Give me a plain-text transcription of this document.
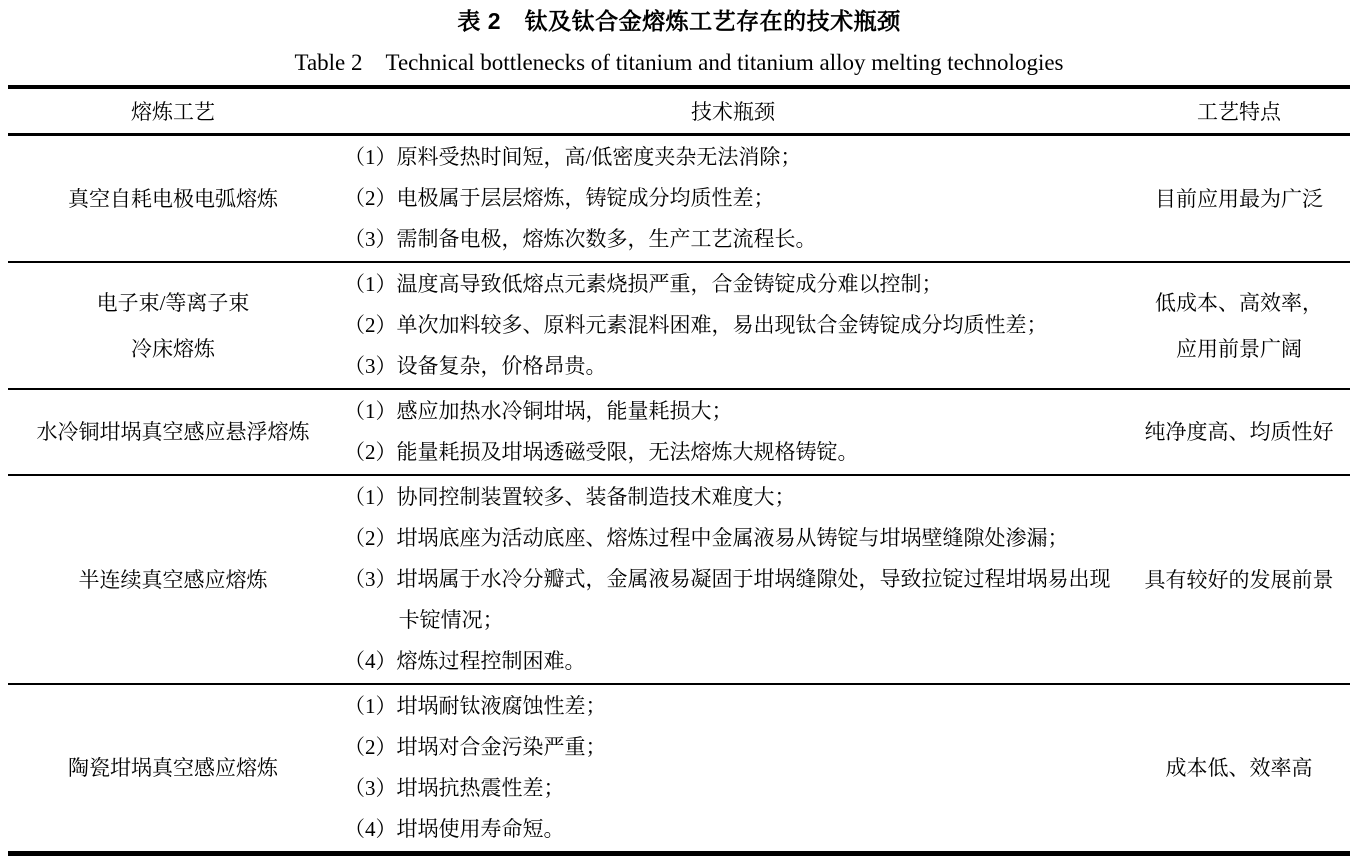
表 2　钛及钛合金熔炼工艺存在的技术瓶颈
Table 2　Technical bottlenecks of titanium and titanium alloy melting technologies
熔炼工艺	技术瓶颈	工艺特点
真空自耗电极电弧熔炼
（1）原料受热时间短，高/低密度夹杂无法消除；
（2）电极属于层层熔炼，铸锭成分均质性差；
（3）需制备电极，熔炼次数多，生产工艺流程长。
目前应用最为广泛
电子束/等离子束
冷床熔炼
（1）温度高导致低熔点元素烧损严重，合金铸锭成分难以控制；
（2）单次加料较多、原料元素混料困难，易出现钛合金铸锭成分均质性差；
（3）设备复杂，价格昂贵。
低成本、高效率，
应用前景广阔
水冷铜坩埚真空感应悬浮熔炼
（1）感应加热水冷铜坩埚，能量耗损大；
（2）能量耗损及坩埚透磁受限，无法熔炼大规格铸锭。
纯净度高、均质性好
半连续真空感应熔炼
（1）协同控制装置较多、装备制造技术难度大；
（2）坩埚底座为活动底座、熔炼过程中金属液易从铸锭与坩埚壁缝隙处渗漏；
（3）坩埚属于水冷分瓣式，金属液易凝固于坩埚缝隙处，导致拉锭过程坩埚易出现卡锭情况；
（4）熔炼过程控制困难。
具有较好的发展前景
陶瓷坩埚真空感应熔炼
（1）坩埚耐钛液腐蚀性差；
（2）坩埚对合金污染严重；
（3）坩埚抗热震性差；
（4）坩埚使用寿命短。
成本低、效率高
